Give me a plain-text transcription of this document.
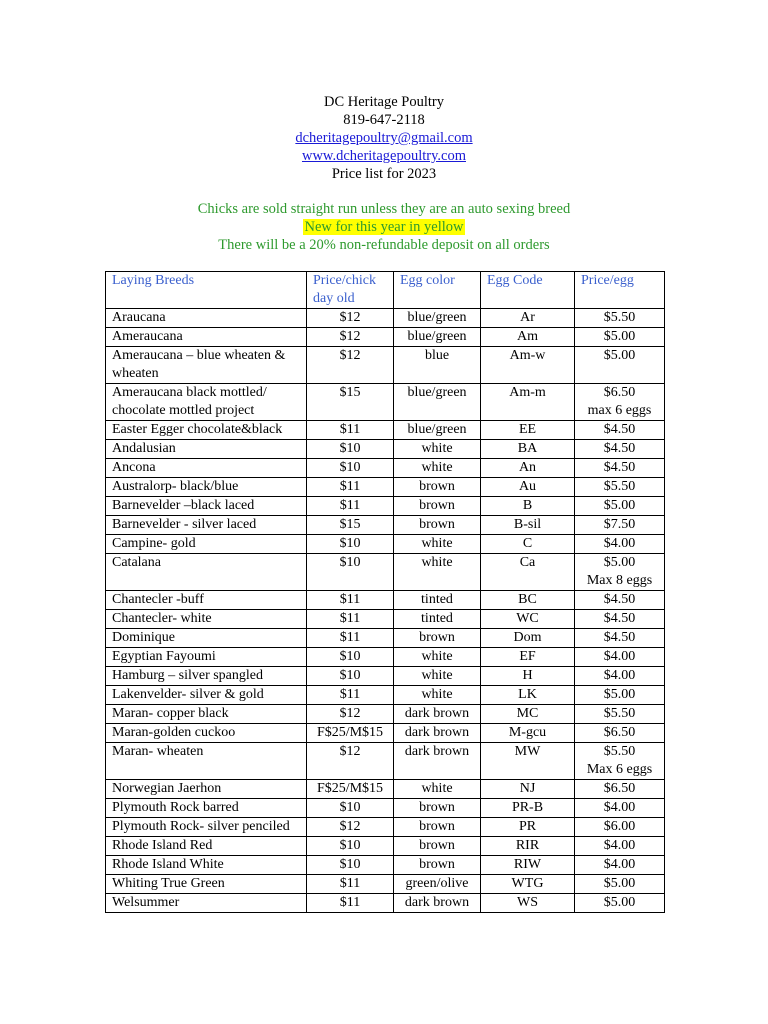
DC Heritage Poultry
819-647-2118
dcheritagepoultry@gmail.com
www.dcheritagepoultry.com
Price list for 2023
Chicks are sold straight run unless they are an auto sexing breed
New for this year in yellow
There will be a 20% non-refundable deposit on all orders
Laying Breeds	Price/chick day old	Egg color	Egg Code	Price/egg
Araucana	$12	blue/green	Ar	$5.50

Ameraucana	$12	blue/green	Am	$5.00

Ameraucana – blue wheaten & wheaten	$12	blue	Am-w	$5.00

Ameraucana black mottled/ chocolate mottled project	$15	blue/green	Am-m	$6.50
max 6 eggs

Easter Egger chocolate&black	$11	blue/green	EE	$4.50

Andalusian	$10	white	BA	$4.50

Ancona	$10	white	An	$4.50

Australorp- black/blue	$11	brown	Au	$5.50

Barnevelder –black laced	$11	brown	B	$5.00

Barnevelder - silver laced	$15	brown	B-sil	$7.50

Campine- gold	$10	white	C	$4.00

Catalana	$10	white	Ca	$5.00
Max 8 eggs

Chantecler -buff	$11	tinted	BC	$4.50

Chantecler- white	$11	tinted	WC	$4.50

Dominique	$11	brown	Dom	$4.50

Egyptian Fayoumi	$10	white	EF	$4.00

Hamburg – silver spangled	$10	white	H	$4.00

Lakenvelder- silver & gold	$11	white	LK	$5.00

Maran- copper black	$12	dark brown	MC	$5.50

Maran-golden cuckoo	F$25/M$15	dark brown	M-gcu	$6.50

Maran- wheaten	$12	dark brown	MW	$5.50
Max 6 eggs

Norwegian Jaerhon	F$25/M$15	white	NJ	$6.50

Plymouth Rock barred	$10	brown	PR-B	$4.00

Plymouth Rock- silver penciled	$12	brown	PR	$6.00

Rhode Island Red	$10	brown	RIR	$4.00

Rhode Island White	$10	brown	RIW	$4.00

Whiting True Green	$11	green/olive	WTG	$5.00

Welsummer	$11	dark brown	WS	$5.00
